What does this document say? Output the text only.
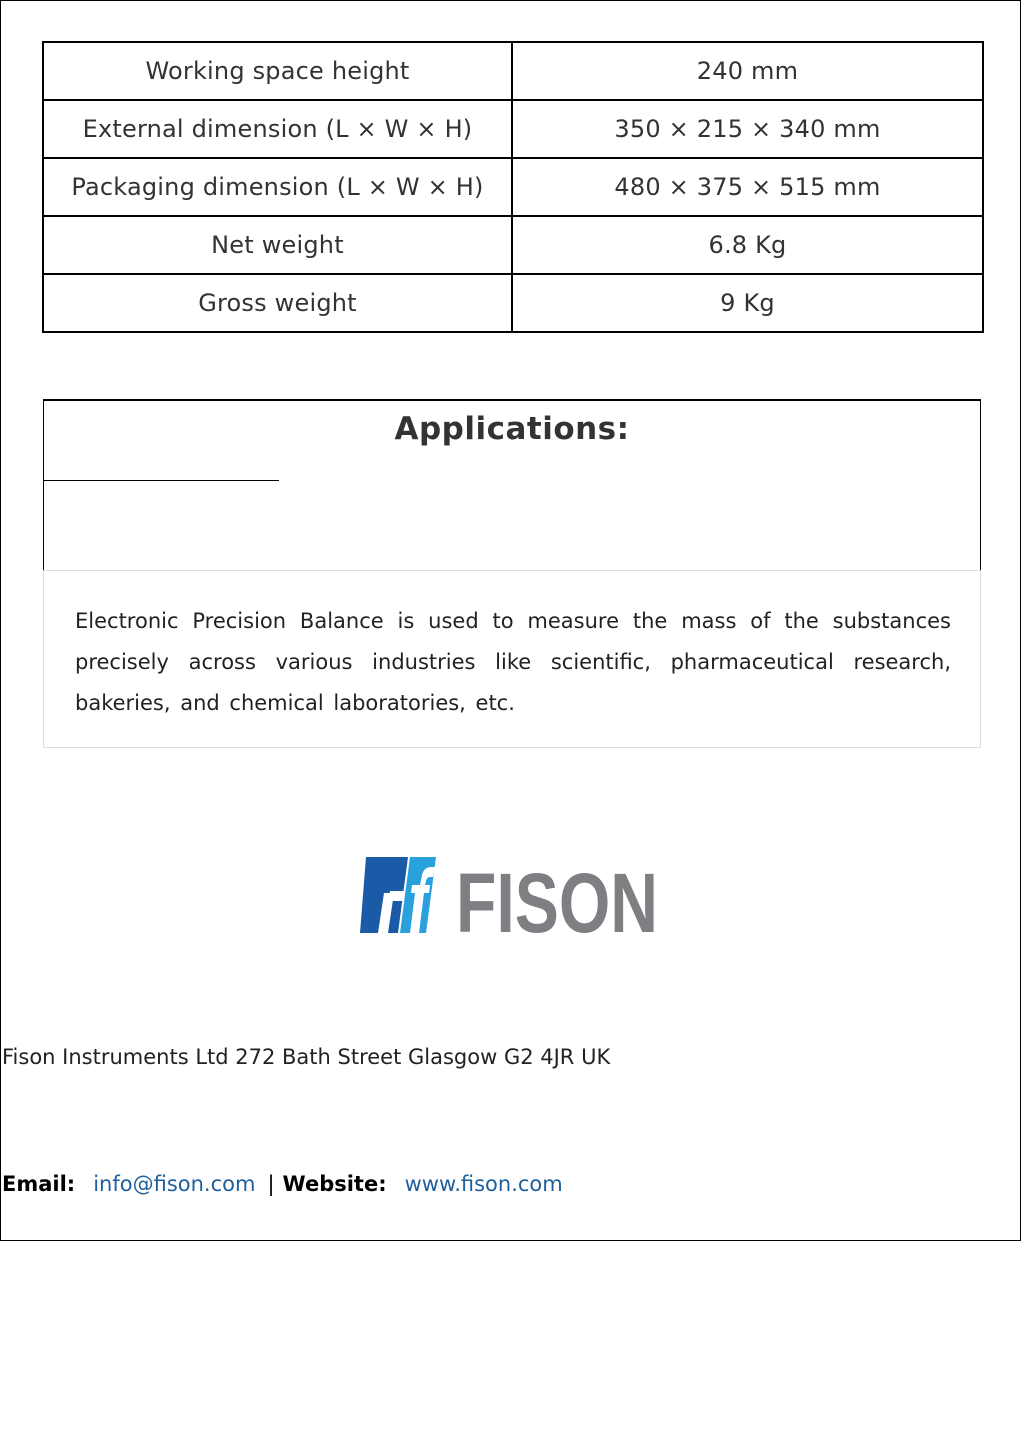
Working space height	240 mm
External dimension (L × W × H)	350 × 215 × 340 mm
Packaging dimension (L × W × H)	480 × 375 × 515 mm
Net weight	6.8 Kg
Gross weight	9 Kg
Applications:
Electronic Precision Balance is used to measure the mass of the substances precisely across various industries like scientific, pharmaceutical research, bakeries, and chemical laboratories, etc.
FISON
Fison Instruments Ltd 272 Bath Street Glasgow G2 4JR UK
Email: info@fison.com | Website: www.fison.com
